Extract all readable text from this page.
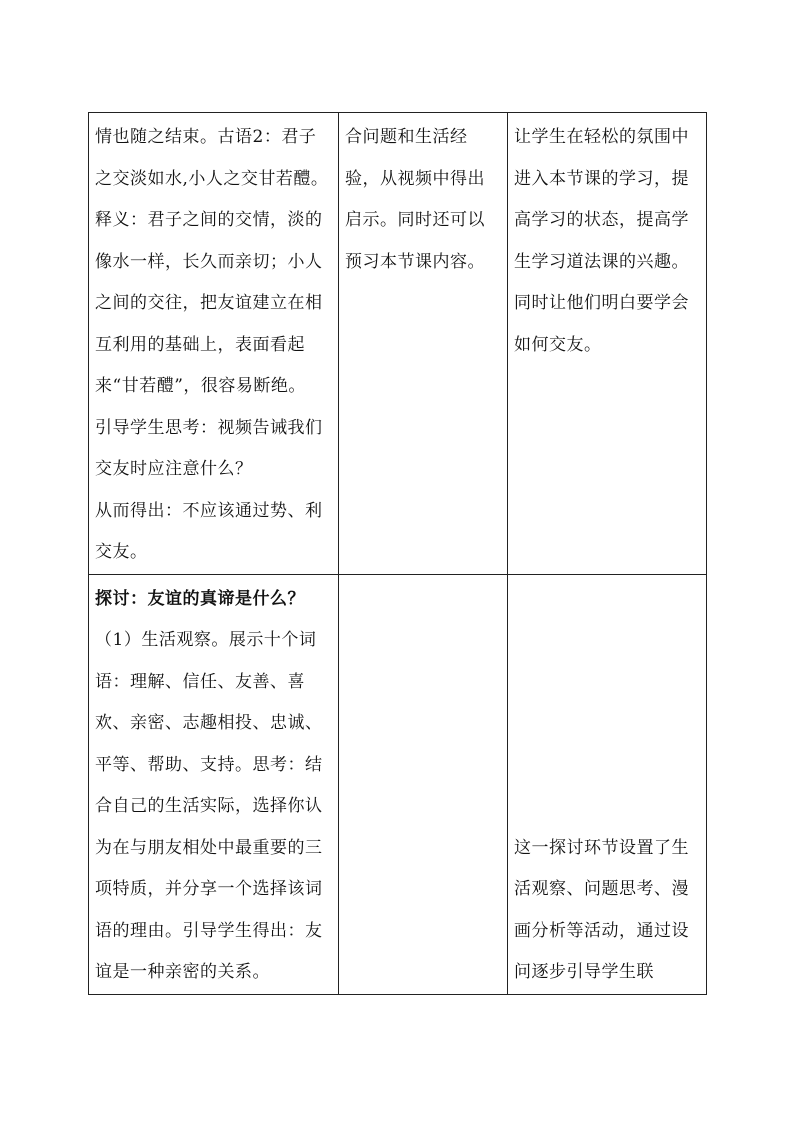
情也随之结束。古语2：君子之交淡如水,小人之交甘若醴。
释义：君子之间的交情，淡的像水一样，长久而亲切；小人之间的交往，把友谊建立在相互利用的基础上，表面看起来“甘若醴”，很容易断绝。
引导学生思考：视频告诫我们交友时应注意什么？
从而得出：不应该通过势、利交友。	合问题和生活经验，从视频中得出启示。同时还可以预习本节课内容。	让学生在轻松的氛围中进入本节课的学习，提高学习的状态，提高学生学习道法课的兴趣。同时让他们明白要学会如何交友。

探讨：友谊的真谛是什么？
（1）生活观察。展示十个词语：理解、信任、友善、喜欢、亲密、志趣相投、忠诚、平等、帮助、支持。思考：结合自己的生活实际，选择你认为在与朋友相处中最重要的三项特质，并分享一个选择该词语的理由。引导学生得出：友谊是一种亲密的关系。		这一探讨环节设置了生活观察、问题思考、漫画分析等活动，通过设问逐步引导学生联
